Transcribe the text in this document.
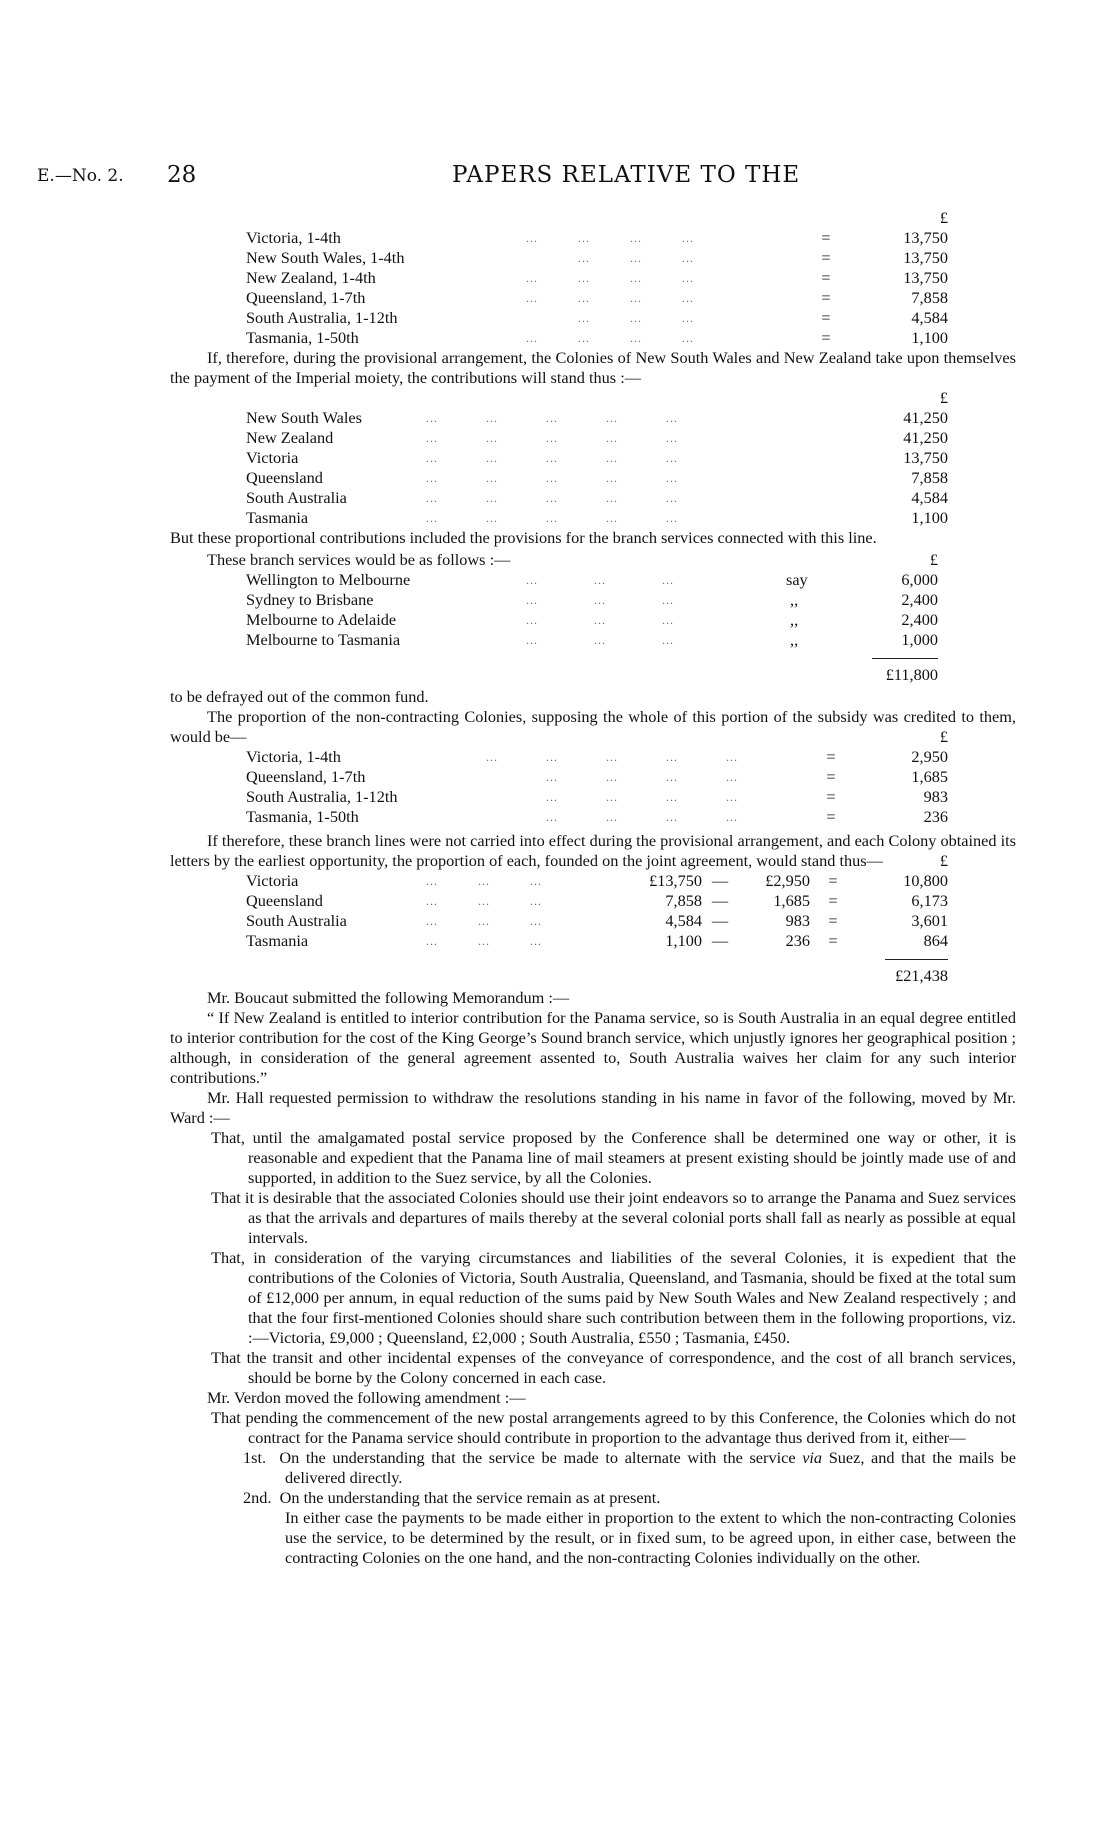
E.—No. 2. 28	PAPERS RELATIVE TO THE
			£
Victoria, 1-4th	...          ...          ...          ...	=	13,750
New South Wales, 1-4th	...          ...          ...	=	13,750
New Zealand, 1-4th	...          ...          ...          ...	=	13,750
Queensland, 1-7th	...          ...          ...          ...	=	7,858
South Australia, 1-12th	...          ...          ...	=	4,584
Tasmania, 1-50th	...          ...          ...          ...	=	1,100

If, therefore, during the provisional arrangement, the Colonies of New South Wales and New Zealand take upon themselves the payment of the Imperial moiety, the contributions will stand thus :—

		£
New South Wales	...            ...            ...            ...            ...	41,250
New Zealand	...            ...            ...            ...            ...	41,250
Victoria	...            ...            ...            ...            ...	13,750
Queensland	...            ...            ...            ...            ...	7,858
South Australia	...            ...            ...            ...            ...	4,584
Tasmania	...            ...            ...            ...            ...	1,100

But these proportional contributions included the provisions for the branch services connected with this line.

These branch services would be as follows :—

				£
Wellington to Melbourne	...              ...              ...	say	6,000
Sydney to Brisbane	...              ...              ...	,,	2,400
Melbourne to Adelaide	...              ...              ...	,,	2,400
Melbourne to Tasmania	...              ...              ...	,,	1,000
			£11,800

to be defrayed out of the common fund.

The proportion of the non-contracting Colonies, supposing the whole of this portion of the subsidy was credited to them, would be—

				£
Victoria, 1-4th	...            ...            ...            ...            ...	=	2,950
Queensland, 1-7th	...            ...            ...            ...	=	1,685
South Australia, 1-12th	...            ...            ...            ...	=	983
Tasmania, 1-50th	...            ...            ...            ...	=	236

If therefore, these branch lines were not carried into effect during the provisional arrangement, and each Colony obtained its letters by the earliest opportunity, the proportion of each, founded on the joint agreement, would stand thus—

							£
Victoria	...          ...          ...	£13,750	—	£2,950	=	10,800
Queensland	...          ...          ...	7,858	—	1,685	=	6,173
South Australia	...          ...          ...	4,584	—	983	=	3,601
Tasmania	...          ...          ...	1,100	—	236	=	864
						£21,438

Mr. Boucaut submitted the following Memorandum :—

“ If New Zealand is entitled to interior contribution for the Panama service, so is South Australia in an equal degree entitled to interior contribution for the cost of the King George’s Sound branch service, which unjustly ignores her geographical position ; although, in consideration of the general agreement assented to, South Australia waives her claim for any such interior contributions.”

Mr. Hall requested permission to withdraw the resolutions standing in his name in favor of the following, moved by Mr. Ward :—

That, until the amalgamated postal service proposed by the Conference shall be determined one way or other, it is reasonable and expedient that the Panama line of mail steamers at present existing should be jointly made use of and supported, in addition to the Suez service, by all the Colonies.

That it is desirable that the associated Colonies should use their joint endeavors so to arrange the Panama and Suez services as that the arrivals and departures of mails thereby at the several colonial ports shall fall as nearly as possible at equal intervals.

That, in consideration of the varying circumstances and liabilities of the several Colonies, it is expedient that the contributions of the Colonies of Victoria, South Australia, Queensland, and Tasmania, should be fixed at the total sum of £12,000 per annum, in equal reduction of the sums paid by New South Wales and New Zealand respectively ; and that the four first-mentioned Colonies should share such contribution between them in the following proportions, viz. :—Victoria, £9,000 ; Queensland, £2,000 ; South Australia, £550 ; Tasmania, £450.

That the transit and other incidental expenses of the conveyance of correspondence, and the cost of all branch services, should be borne by the Colony concerned in each case.

Mr. Verdon moved the following amendment :—

That pending the commencement of the new postal arrangements agreed to by this Conference, the Colonies which do not contract for the Panama service should contribute in proportion to the advantage thus derived from it, either—

1st. On the understanding that the service be made to alternate with the service via Suez, and that the mails be delivered directly.

2nd. On the understanding that the service remain as at present.

In either case the payments to be made either in proportion to the extent to which the non-contracting Colonies use the service, to be determined by the result, or in fixed sum, to be agreed upon, in either case, between the contracting Colonies on the one hand, and the non-contracting Colonies individually on the other.
